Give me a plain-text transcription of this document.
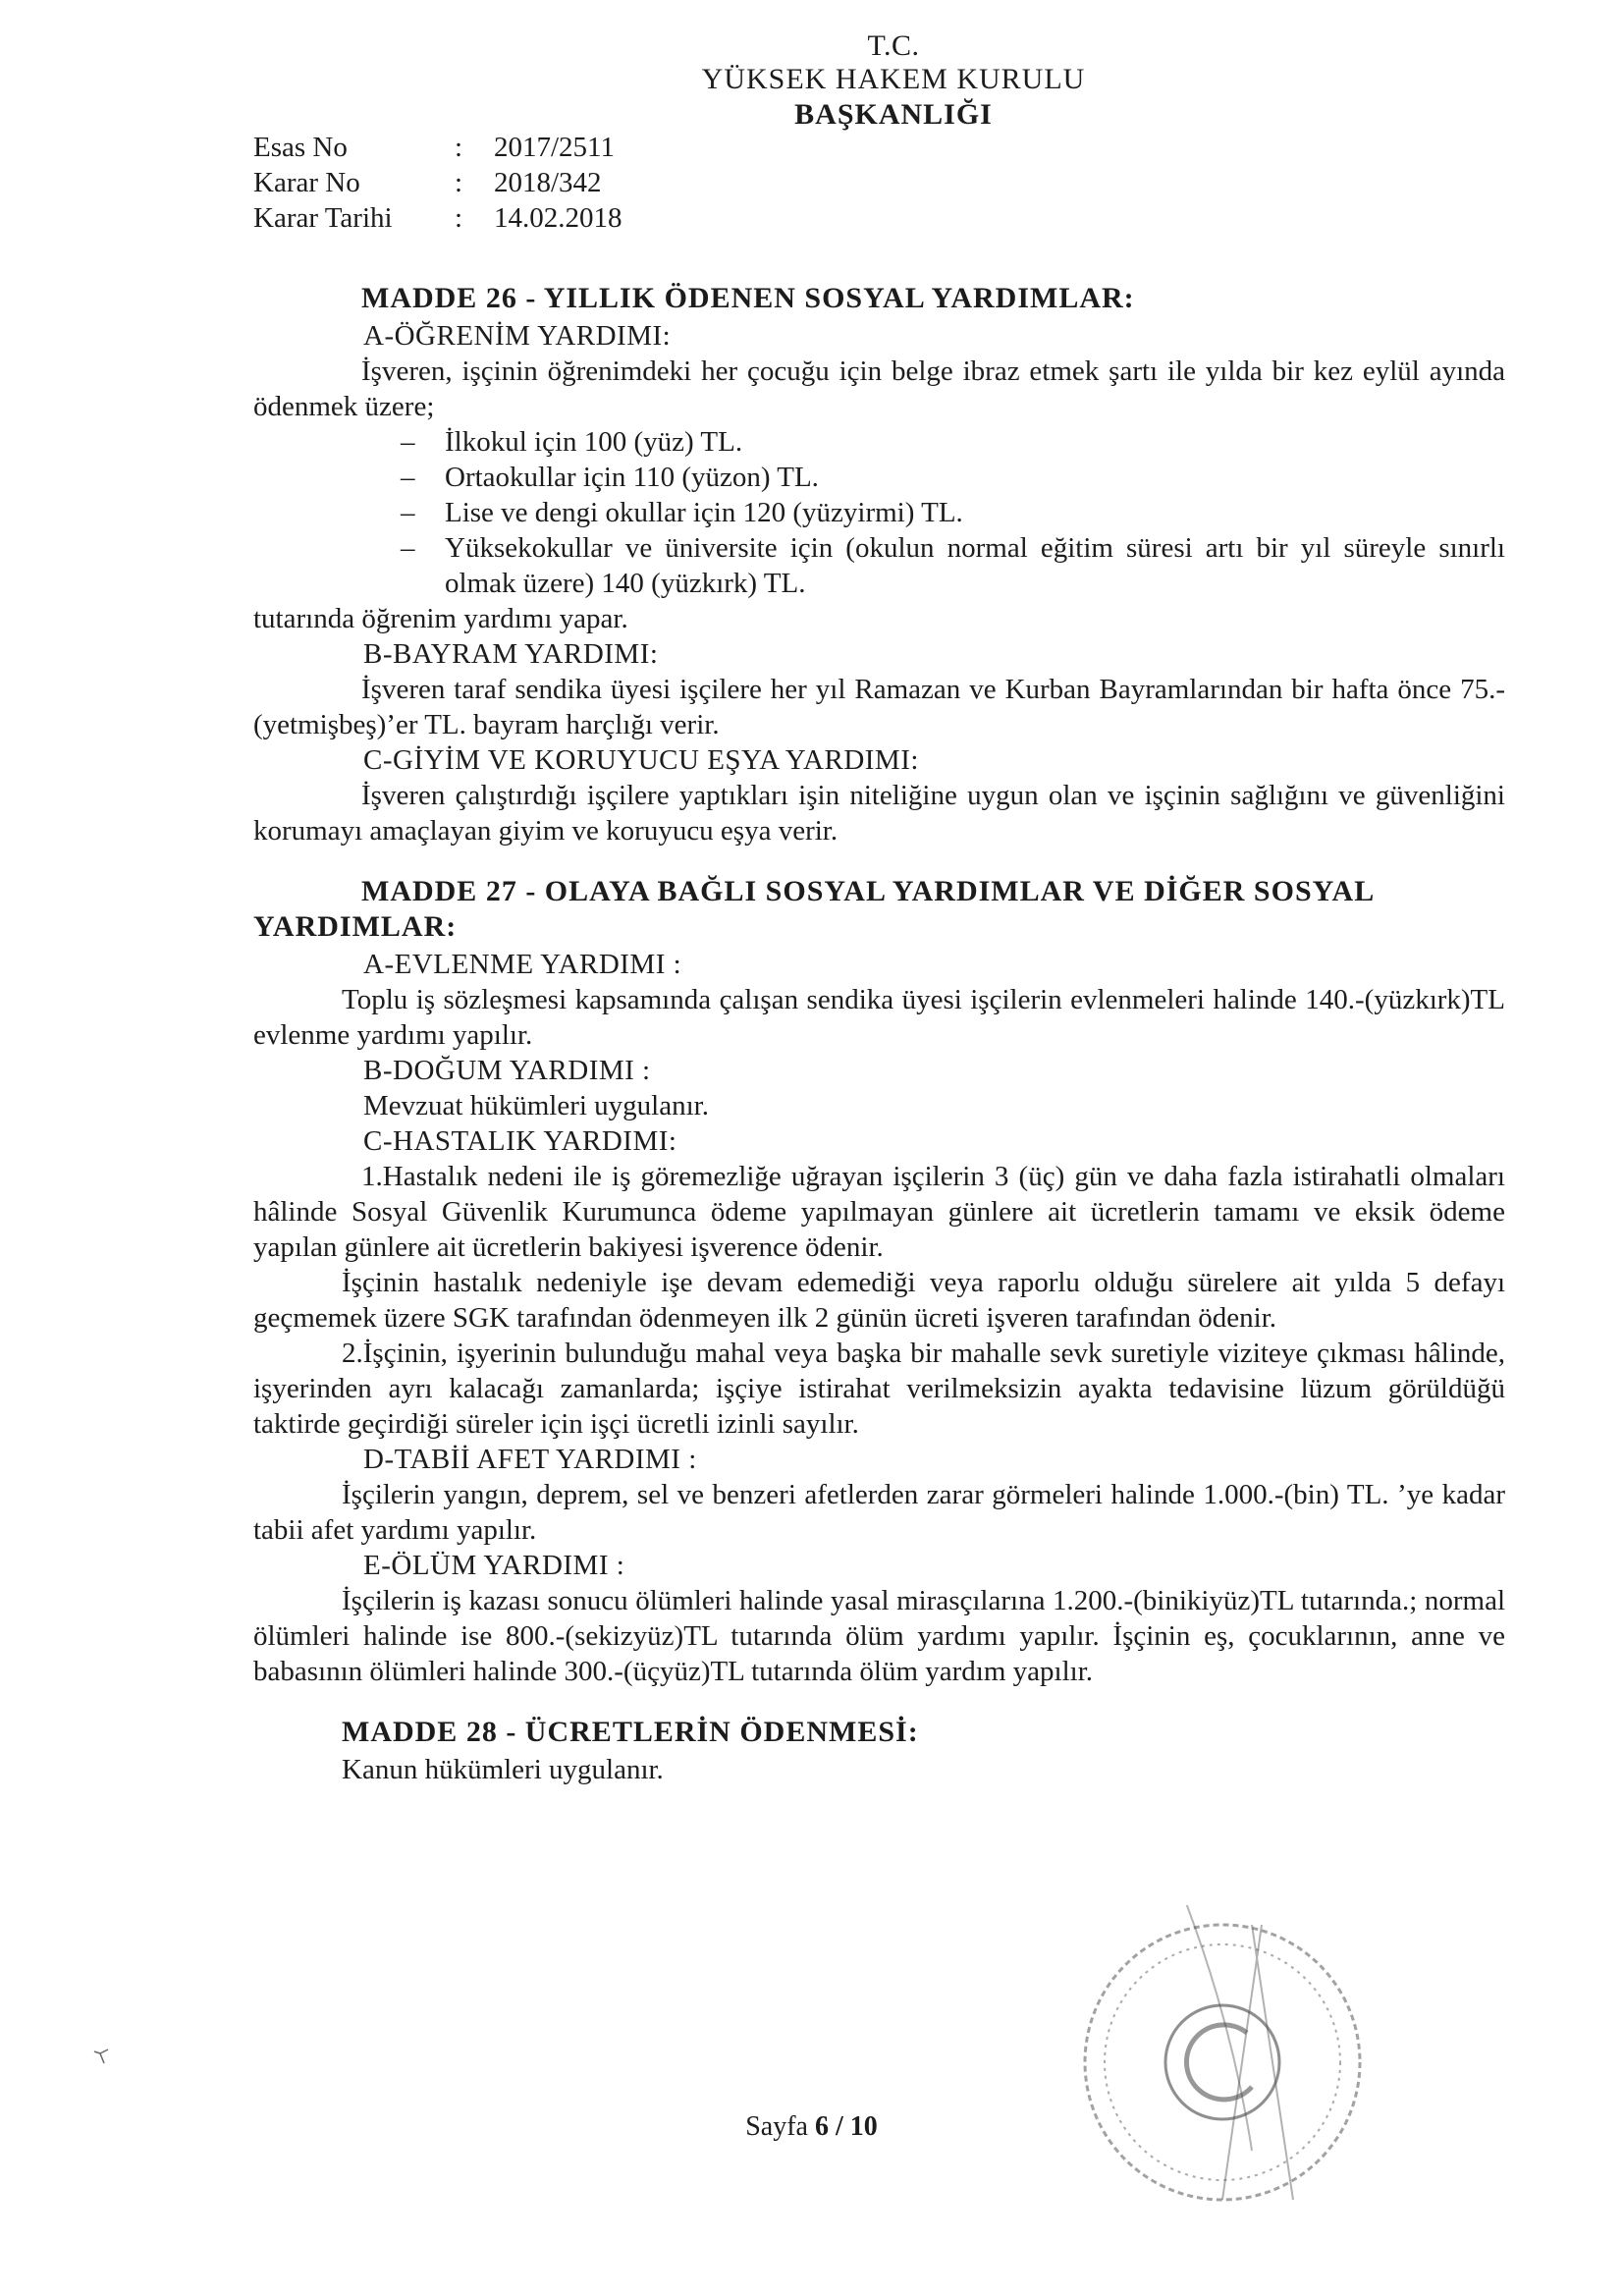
T.C.
YÜKSEK HAKEM KURULU
BAŞKANLIĞI
Esas No	:	2017/2511
Karar No	:	2018/342
Karar Tarihi	:	14.02.2018
MADDE 26 - YILLIK ÖDENEN SOSYAL YARDIMLAR:
A-ÖĞRENİM YARDIMI:
İşveren, işçinin öğrenimdeki her çocuğu için belge ibraz etmek şartı ile yılda bir kez eylül ayında ödenmek üzere;
– İlkokul için 100 (yüz) TL.
– Ortaokullar için 110 (yüzon) TL.
– Lise ve dengi okullar için 120 (yüzyirmi) TL.
– Yüksekokullar ve üniversite için (okulun normal eğitim süresi artı bir yıl süreyle sınırlı olmak üzere) 140 (yüzkırk) TL.
tutarında öğrenim yardımı yapar.
B-BAYRAM YARDIMI:
İşveren taraf sendika üyesi işçilere her yıl Ramazan ve Kurban Bayramlarından bir hafta önce 75.-(yetmişbeş)’er TL. bayram harçlığı verir.
C-GİYİM VE KORUYUCU EŞYA YARDIMI:
İşveren çalıştırdığı işçilere yaptıkları işin niteliğine uygun olan ve işçinin sağlığını ve güvenliğini korumayı amaçlayan giyim ve koruyucu eşya verir.
MADDE 27 - OLAYA BAĞLI SOSYAL YARDIMLAR VE DİĞER SOSYAL YARDIMLAR:
A-EVLENME YARDIMI :
Toplu iş sözleşmesi kapsamında çalışan sendika üyesi işçilerin evlenmeleri halinde 140.-(yüzkırk)TL evlenme yardımı yapılır.
B-DOĞUM YARDIMI :
Mevzuat hükümleri uygulanır.
C-HASTALIK YARDIMI:
1.Hastalık nedeni ile iş göremezliğe uğrayan işçilerin 3 (üç) gün ve daha fazla istirahatli olmaları hâlinde Sosyal Güvenlik Kurumunca ödeme yapılmayan günlere ait ücretlerin tamamı ve eksik ödeme yapılan günlere ait ücretlerin bakiyesi işverence ödenir.
İşçinin hastalık nedeniyle işe devam edemediği veya raporlu olduğu sürelere ait yılda 5 defayı geçmemek üzere SGK tarafından ödenmeyen ilk 2 günün ücreti işveren tarafından ödenir.
2.İşçinin, işyerinin bulunduğu mahal veya başka bir mahalle sevk suretiyle viziteye çıkması hâlinde, işyerinden ayrı kalacağı zamanlarda; işçiye istirahat verilmeksizin ayakta tedavisine lüzum görüldüğü taktirde geçirdiği süreler için işçi ücretli izinli sayılır.
D-TABİİ AFET YARDIMI :
İşçilerin yangın, deprem, sel ve benzeri afetlerden zarar görmeleri halinde 1.000.-(bin) TL. ’ye kadar tabii afet yardımı yapılır.
E-ÖLÜM YARDIMI :
İşçilerin iş kazası sonucu ölümleri halinde yasal mirasçılarına 1.200.-(binikiyüz)TL tutarında.; normal ölümleri halinde ise 800.-(sekizyüz)TL tutarında ölüm yardımı yapılır. İşçinin eş, çocuklarının, anne ve babasının ölümleri halinde 300.-(üçyüz)TL tutarında ölüm yardım yapılır.
MADDE 28 - ÜCRETLERİN ÖDENMESİ:
Kanun hükümleri uygulanır.
Sayfa 6 / 10
